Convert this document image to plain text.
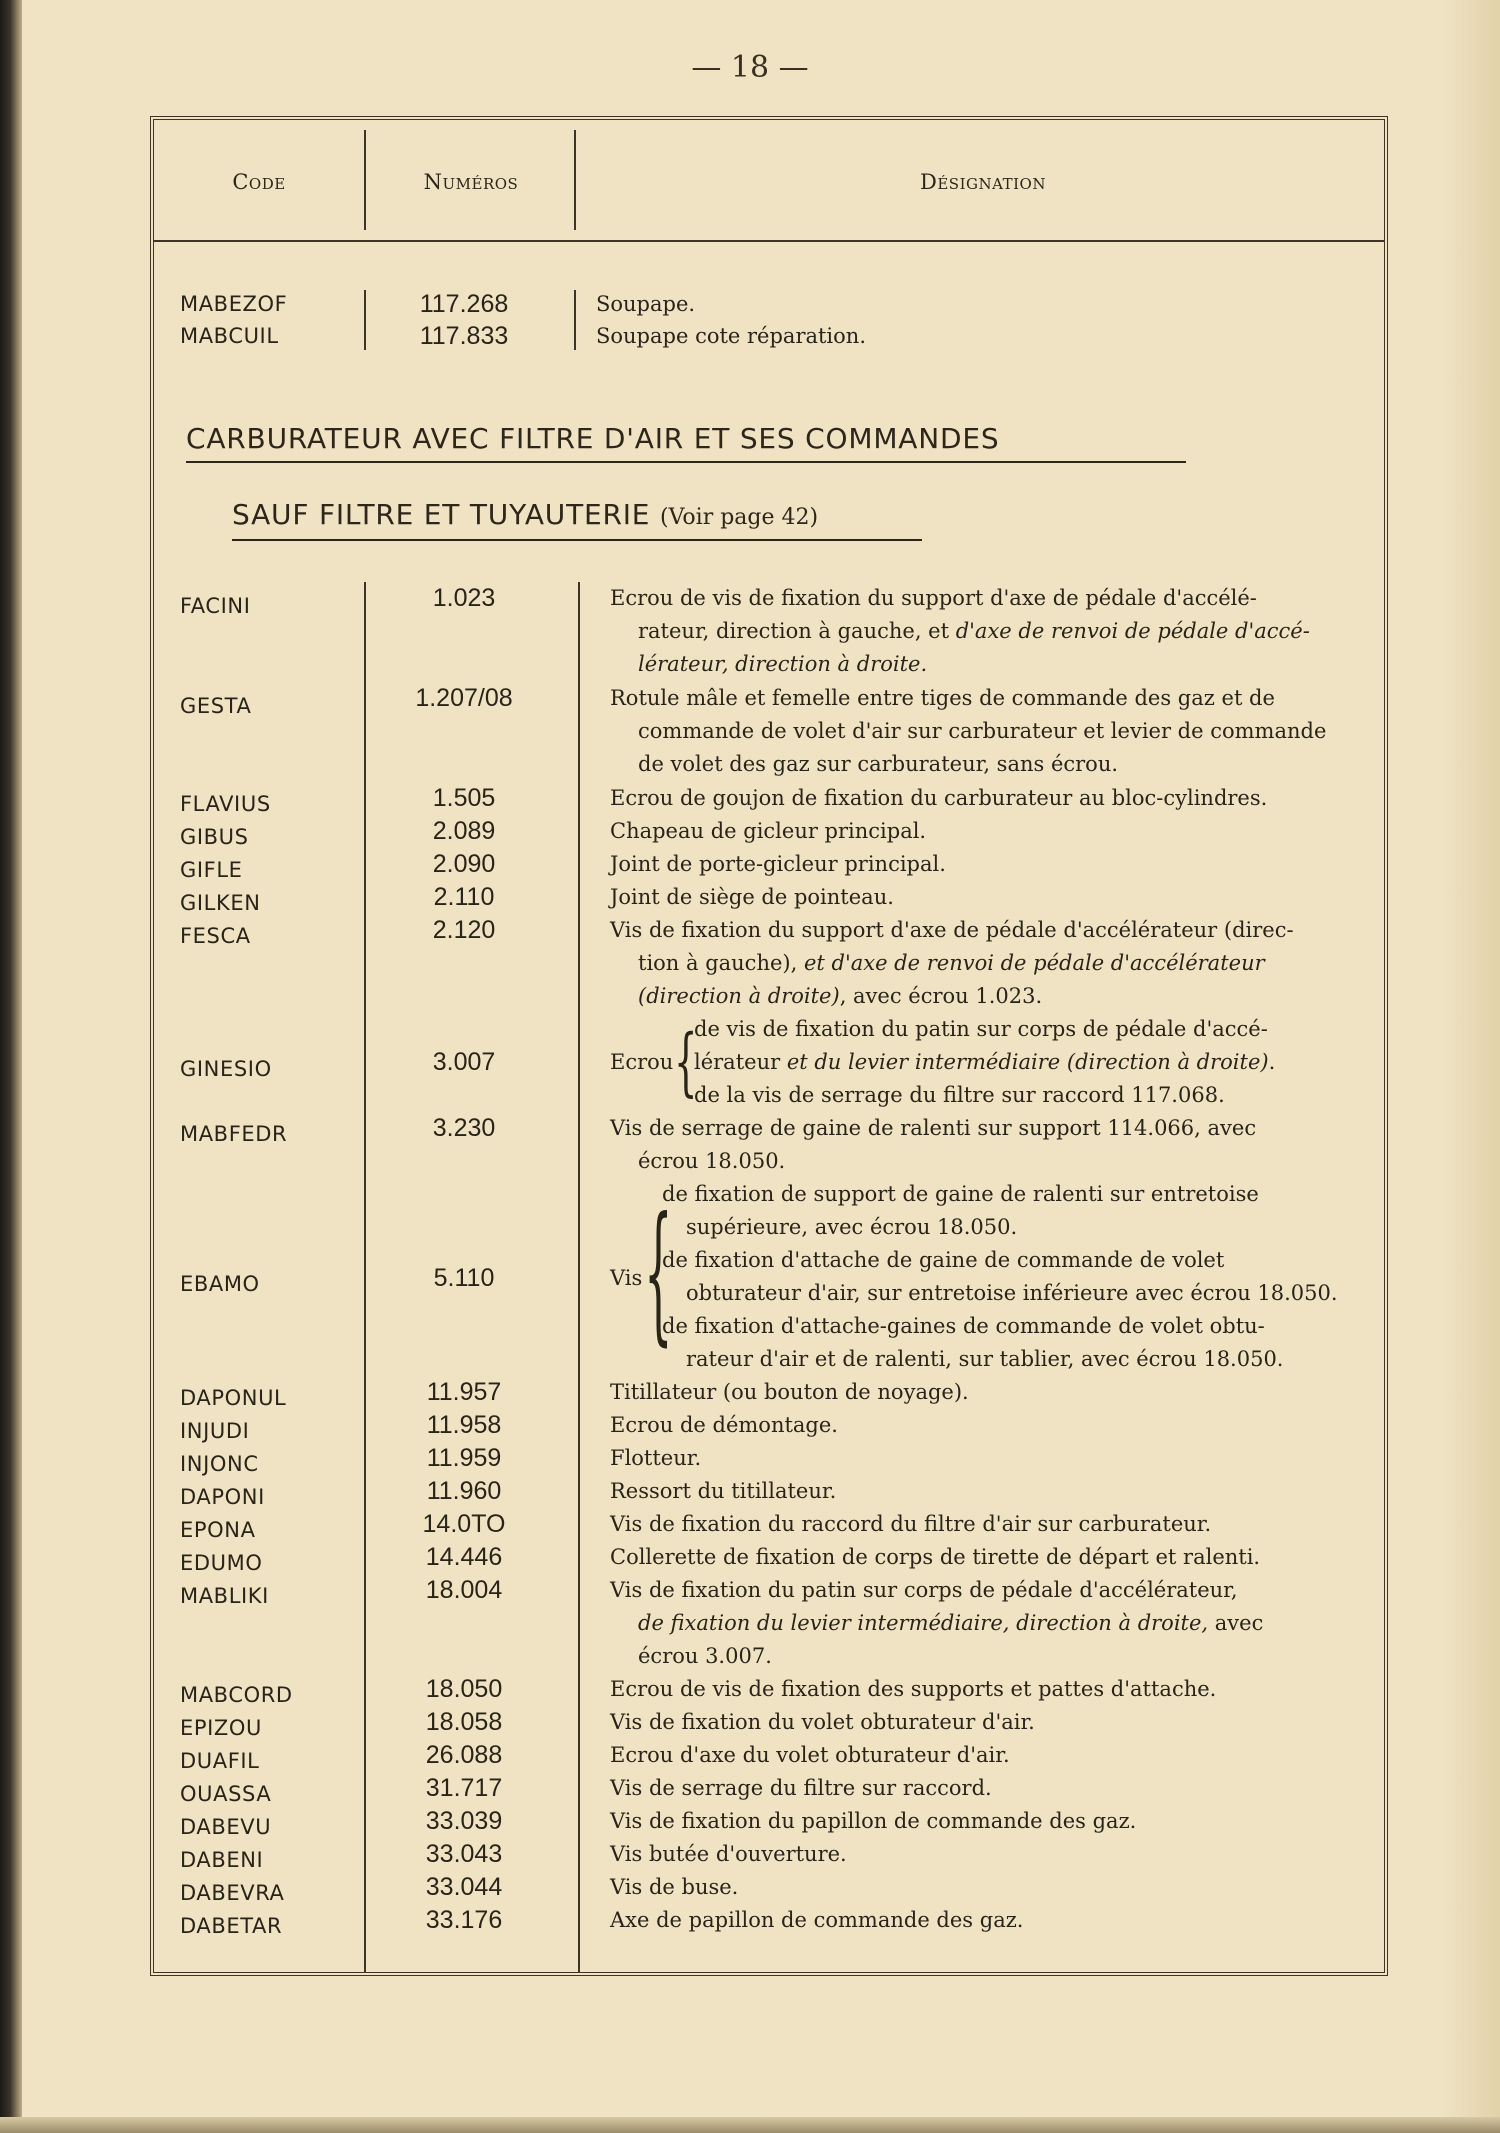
— 18 —
Code	Numéros	Désignation
MABEZOF	117.268	Soupape.
MABCUIL	117.833	Soupape cote réparation.
CARBURATEUR AVEC FILTRE D'AIR ET SES COMMANDES
SAUF FILTRE ET TUYAUTERIE (Voir page 42)
FACINI	1.023	Ecrou de vis de fixation du support d'axe de pédale d'accélé-
rateur, direction à gauche, et d'axe de renvoi de pédale d'accé-
lérateur, direction à droite.
GESTA	1.207/08	Rotule mâle et femelle entre tiges de commande des gaz et de
commande de volet d'air sur carburateur et levier de commande
de volet des gaz sur carburateur, sans écrou.
FLAVIUS	1.505	Ecrou de goujon de fixation du carburateur au bloc-cylindres.
GIBUS	2.089	Chapeau de gicleur principal.
GIFLE	2.090	Joint de porte-gicleur principal.
GILKEN	2.110	Joint de siège de pointeau.
FESCA	2.120	Vis de fixation du support d'axe de pédale d'accélérateur (direc-
tion à gauche), et d'axe de renvoi de pédale d'accélérateur
(direction à droite), avec écrou 1.023.
GINESIO	3.007	Ecrou {
de vis de fixation du patin sur corps de pédale d'accé-
lérateur et du levier intermédiaire (direction à droite).
de la vis de serrage du filtre sur raccord 117.068.
MABFEDR	3.230	Vis de serrage de gaine de ralenti sur support 114.066, avec
écrou 18.050.
EBAMO	5.110	Vis {
de fixation de support de gaine de ralenti sur entretoise
supérieure, avec écrou 18.050.
de fixation d'attache de gaine de commande de volet
obturateur d'air, sur entretoise inférieure avec écrou 18.050.
de fixation d'attache-gaines de commande de volet obtu-
rateur d'air et de ralenti, sur tablier, avec écrou 18.050.
DAPONUL	11.957	Titillateur (ou bouton de noyage).
INJUDI	11.958	Ecrou de démontage.
INJONC	11.959	Flotteur.
DAPONI	11.960	Ressort du titillateur.
EPONA	14.0TO	Vis de fixation du raccord du filtre d'air sur carburateur.
EDUMO	14.446	Collerette de fixation de corps de tirette de départ et ralenti.
MABLIKI	18.004	Vis de fixation du patin sur corps de pédale d'accélérateur,
de fixation du levier intermédiaire, direction à droite, avec
écrou 3.007.
MABCORD	18.050	Ecrou de vis de fixation des supports et pattes d'attache.
EPIZOU	18.058	Vis de fixation du volet obturateur d'air.
DUAFIL	26.088	Ecrou d'axe du volet obturateur d'air.
OUASSA	31.717	Vis de serrage du filtre sur raccord.
DABEVU	33.039	Vis de fixation du papillon de commande des gaz.
DABENI	33.043	Vis butée d'ouverture.
DABEVRA	33.044	Vis de buse.
DABETAR	33.176	Axe de papillon de commande des gaz.
